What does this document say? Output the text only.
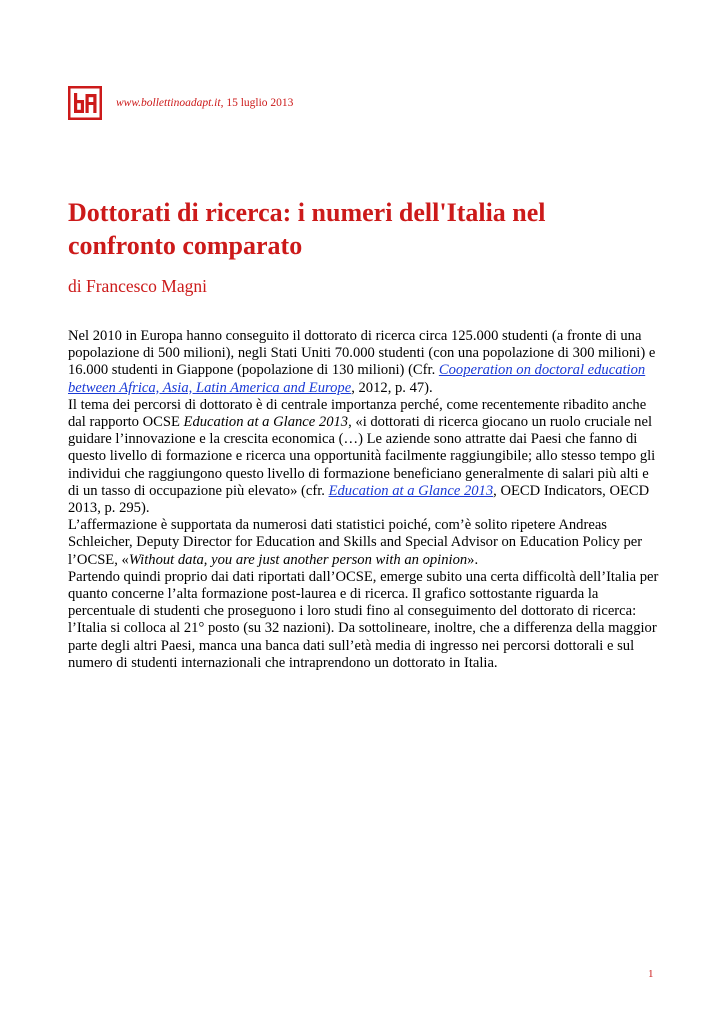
www.bollettinoadapt.it, 15 luglio 2013
Dottorati di ricerca: i numeri dell'Italia nel confronto comparato

di Francesco Magni

Nel 2010 in Europa hanno conseguito il dottorato di ricerca circa 125.000 studenti (a fronte di una popolazione di 500 milioni), negli Stati Uniti 70.000 studenti (con una popolazione di 300 milioni) e 16.000 studenti in Giappone (popolazione di 130 milioni) (Cfr. Cooperation on doctoral education between Africa, Asia, Latin America and Europe, 2012, p. 47).

Il tema dei percorsi di dottorato è di centrale importanza perché, come recentemente ribadito anche dal rapporto OCSE Education at a Glance 2013, «i dottorati di ricerca giocano un ruolo cruciale nel guidare l’innovazione e la crescita economica (…) Le aziende sono attratte dai Paesi che fanno di questo livello di formazione e ricerca una opportunità facilmente raggiungibile; allo stesso tempo gli individui che raggiungono questo livello di formazione beneficiano generalmente di salari più alti e di un tasso di occupazione più elevato» (cfr. Education at a Glance 2013, OECD Indicators, OECD 2013, p. 295).

L’affermazione è supportata da numerosi dati statistici poiché, com’è solito ripetere Andreas Schleicher, Deputy Director for Education and Skills and Special Advisor on Education Policy per l’OCSE, «Without data, you are just another person with an opinion».

Partendo quindi proprio dai dati riportati dall’OCSE, emerge subito una certa difficoltà dell’Italia per quanto concerne l’alta formazione post-laurea e di ricerca. Il grafico sottostante riguarda la percentuale di studenti che proseguono i loro studi fino al conseguimento del dottorato di ricerca: l’Italia si colloca al 21° posto (su 32 nazioni). Da sottolineare, inoltre, che a differenza della maggior parte degli altri Paesi, manca una banca dati sull’età media di ingresso nei percorsi dottorali e sul numero di studenti internazionali che intraprendono un dottorato in Italia.

1
